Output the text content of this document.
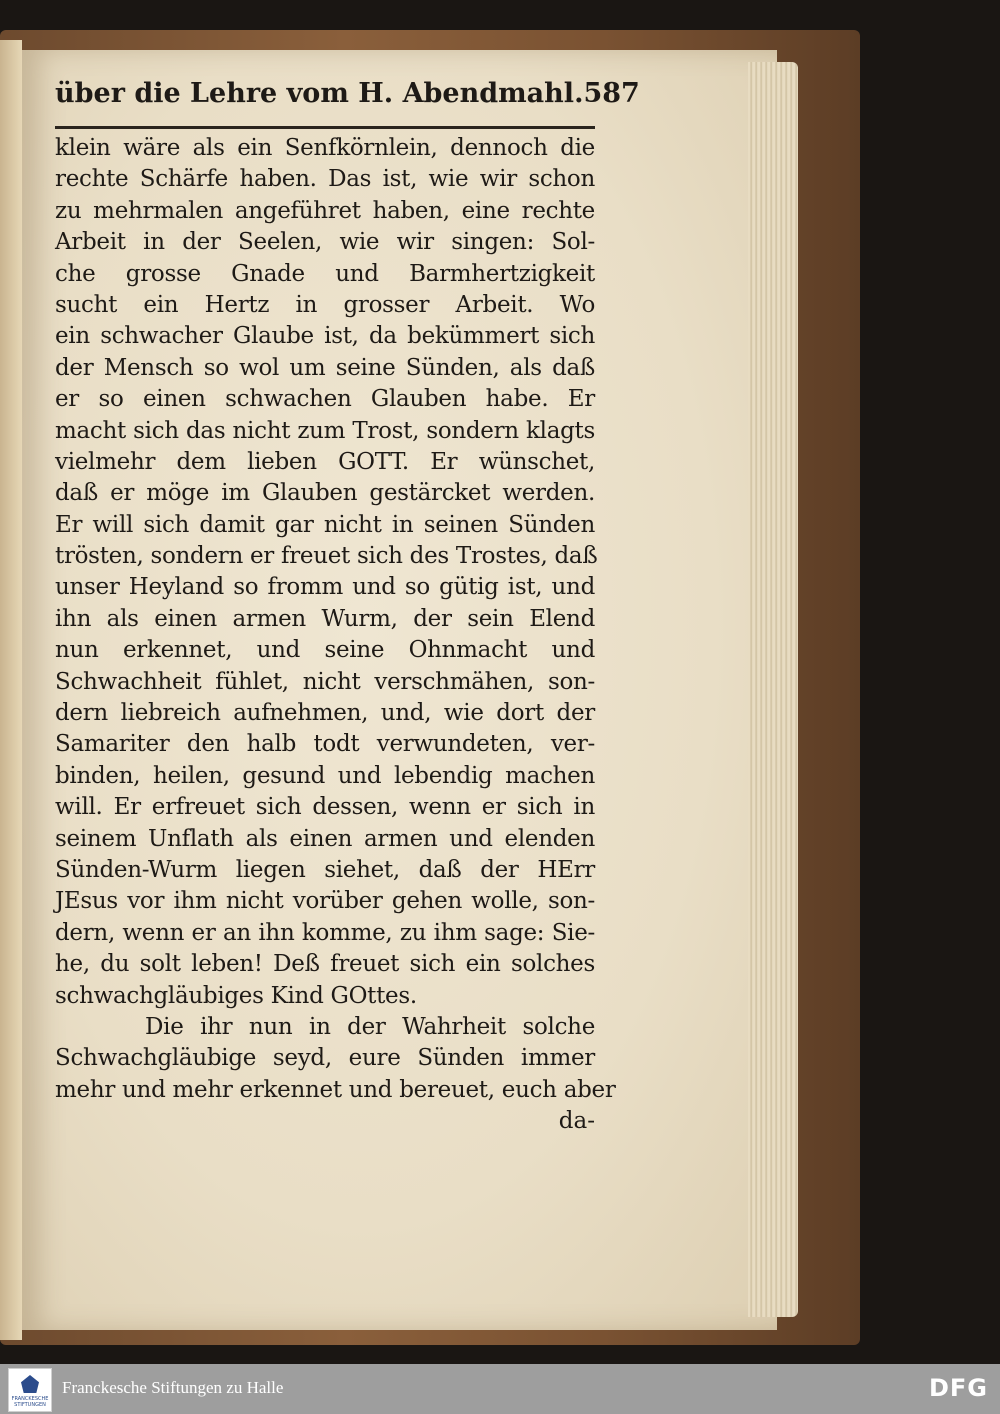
über die Lehre vom H. Abendmahl. 587
klein wäre als ein Senfkörnlein, dennoch die
rechte Schärfe haben. Das ist, wie wir schon
zu mehrmalen angeführet haben, eine rechte
Arbeit in der Seelen, wie wir singen: Sol-
che grosse Gnade und Barmhertzigkeit
sucht ein Hertz in grosser Arbeit. Wo
ein schwacher Glaube ist, da bekümmert sich
der Mensch so wol um seine Sünden, als daß
er so einen schwachen Glauben habe. Er
macht sich das nicht zum Trost, sondern klagts
vielmehr dem lieben GOTT. Er wünschet,
daß er möge im Glauben gestärcket werden.
Er will sich damit gar nicht in seinen Sünden
trösten, sondern er freuet sich des Trostes, daß
unser Heyland so fromm und so gütig ist, und
ihn als einen armen Wurm, der sein Elend
nun erkennet, und seine Ohnmacht und
Schwachheit fühlet, nicht verschmähen, son-
dern liebreich aufnehmen, und, wie dort der
Samariter den halb todt verwundeten, ver-
binden, heilen, gesund und lebendig machen
will. Er erfreuet sich dessen, wenn er sich in
seinem Unflath als einen armen und elenden
Sünden-Wurm liegen siehet, daß der HErr
JEsus vor ihm nicht vorüber gehen wolle, son-
dern, wenn er an ihn komme, zu ihm sage: Sie-
he, du solt leben! Deß freuet sich ein solches
schwachgläubiges Kind GOttes.
Die ihr nun in der Wahrheit solche
Schwachgläubige seyd, eure Sünden immer
mehr und mehr erkennet und bereuet, euch aber
da-
FRANCKESCHE STIFTUNGEN
Franckesche Stiftungen zu Halle	DFG
